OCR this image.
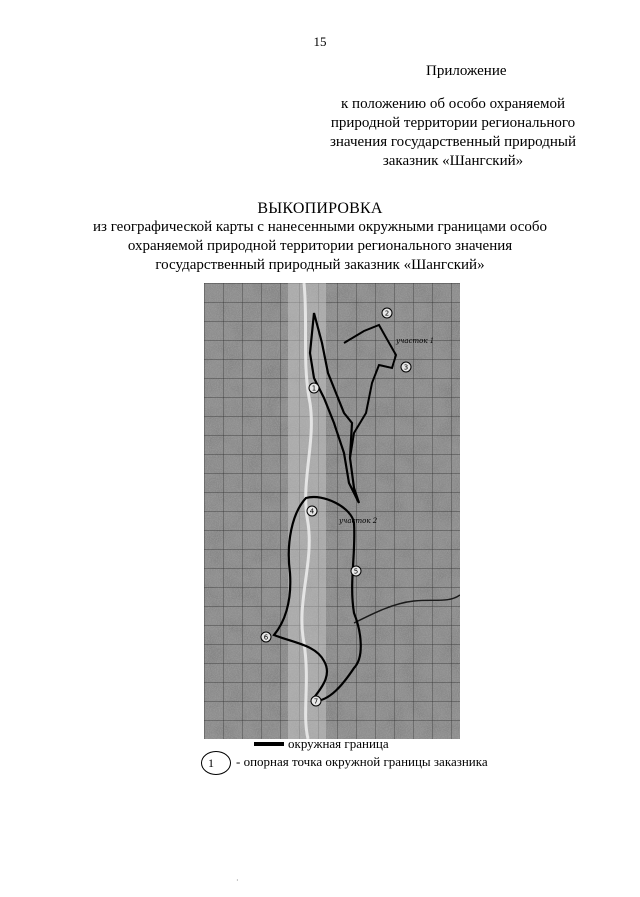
15
Приложение
к положению об особо охраняемой
природной территории регионального
значения государственный природный
заказник «Шангский»
ВЫКОПИРОВКА
из географической карты с нанесенными окружными границами особо
охраняемой природной территории регионального значения
государственный природный заказник «Шангский»
1
2
3
4
5
6
7
участок 1
участок 2
окружная граница
1	- опорная точка окружной границы заказника
·
